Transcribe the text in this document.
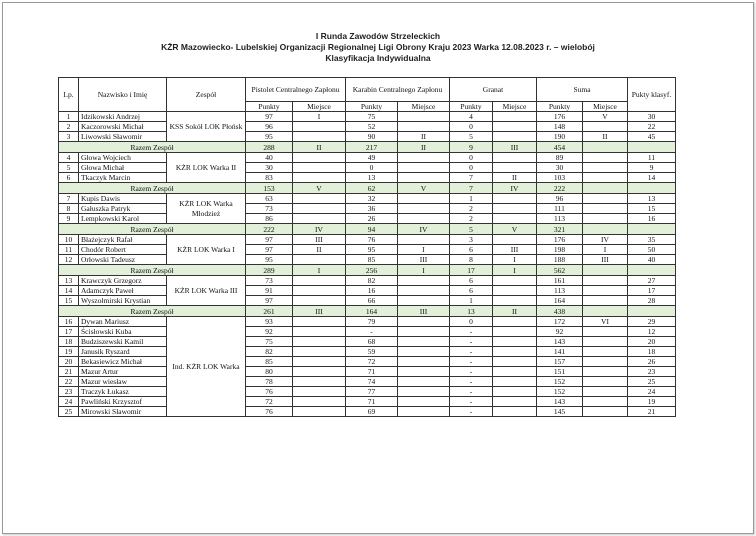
I Runda Zawodów Strzeleckich
KŻR Mazowiecko- Lubelskiej Organizacji Regionalnej Ligi Obrony Kraju 2023 Warka 12.08.2023 r. – wielobój
Klasyfikacja Indywidualna
Lp.	Nazwisko i Imię	Zespół	Pistolet Centralnego Zapłonu		Karabin Centralnego Zapłonu		Granat		Suma		Pukty klasyf.
			Punkty	Miejsce	Punkty	Miejsce	Punkty	Miejsce	Punkty	Miejsce	
1	Idzikowski Andrzej	KSS Sokół LOK Płońsk	97	I	75		4		176	V	30
2	Kaczorowski Michał		96		52		0		148		22
3	Liwowski Sławomir		95		90	II	5		190	II	45
Razem Zespół			288	II	217	II	9	III	454		
4	Głowa Wojciech	KŻR LOK Warka II	40		49		0		89		11
5	Głowa Michał		30		0		0		30		9
6	Tkaczyk Marcin		83		13		7	II	103		14
Razem Zespół			153	V	62	V	7	IV	222		
7	Kupis Dawis	KŻR LOK Warka Młodzież	63		32		1		96		13
8	Gałuszka Patryk		73		36		2		111		15
9	Lempkowski Karol		86		26		2		113		16
Razem Zespół			222	IV	94	IV	5	V	321		
10	Błażejczyk Rafał	KŻR LOK Warka I	97	III	76		3		176	IV	35
11	Chodór Robert		97	II	95	I	6	III	198	I	50
12	Orłowski Tadeusz		95		85	III	8	I	188	III	40
Razem Zespół			289	I	256	I	17	I	562		
13	Krawczyk Grzegorz	KŻR LOK Warka III	73		82		6		161		27
14	Adamczyk Paweł		91		16		6		113		17
15	Wyszołmirski Krystian		97		66		1		164		28
Razem Zespół			261	III	164	III	13	II	438		
16	Dywan Mariusz	Ind. KŻR LOK Warka	93		79		0		172	VI	29
17	Ścisłowski Kuba		92		-		-		92		12
18	Budziszewski Kamil		75		68		-		143		20
19	Janusik Ryszard		82		59		-		141		18
20	Bekasiewicz Michał		85		72		-		157		26
21	Mazur Artur		80		71		-		151		23
22	Mazur wiesław		78		74		-		152		25
23	Traczyk Łukasz		76		77		-		152		24
24	Pawliński Krzysztof		72		71		-		143		19
25	Mirowski Sławomir		76		69		-		145		21
